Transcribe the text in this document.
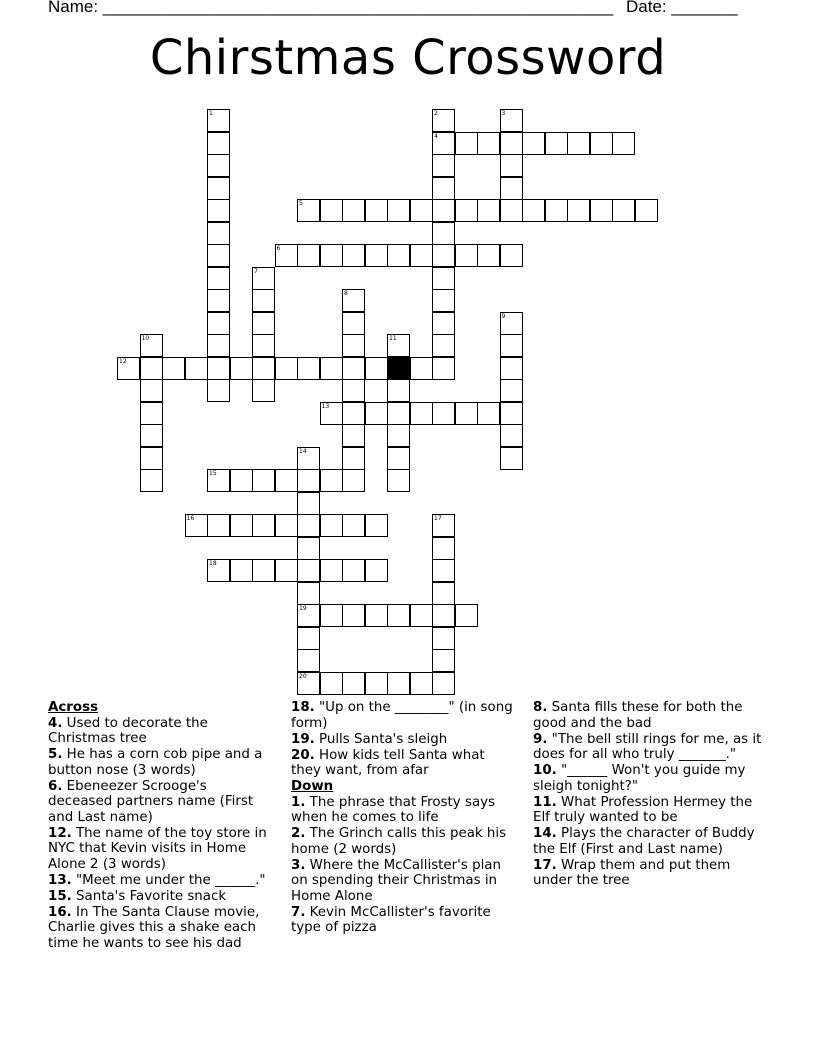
Name: ______________________________________________________ Date: _______
Chirstmas Crossword
1	2
4
3
5
6
7
8
9
10	11
12
13
14
19
20
15
16	17
18
Across
4. Used to decorate the Christmas tree
5. He has a corn cob pipe and a button nose (3 words)
6. Ebeneezer Scrooge's deceased partners name (First and Last name)
12. The name of the toy store in NYC that Kevin visits in Home Alone 2 (3 words)
13. "Meet me under the ______."
15. Santa's Favorite snack
16. In The Santa Clause movie, Charlie gives this a shake each time he wants to see his dad
18. "Up on the ________" (in song form)
19. Pulls Santa's sleigh
20. How kids tell Santa what they want, from afar
Down
1. The phrase that Frosty says when he comes to life
2. The Grinch calls this peak his home (2 words)
3. Where the McCallister's plan on spending their Christmas in Home Alone
7. Kevin McCallister's favorite type of pizza
8. Santa fills these for both the good and the bad
9. "The bell still rings for me, as it does for all who truly _______."
10. "______ Won't you guide my sleigh tonight?"
11. What Profession Hermey the Elf truly wanted to be
14. Plays the character of Buddy the Elf (First and Last name)
17. Wrap them and put them under the tree
